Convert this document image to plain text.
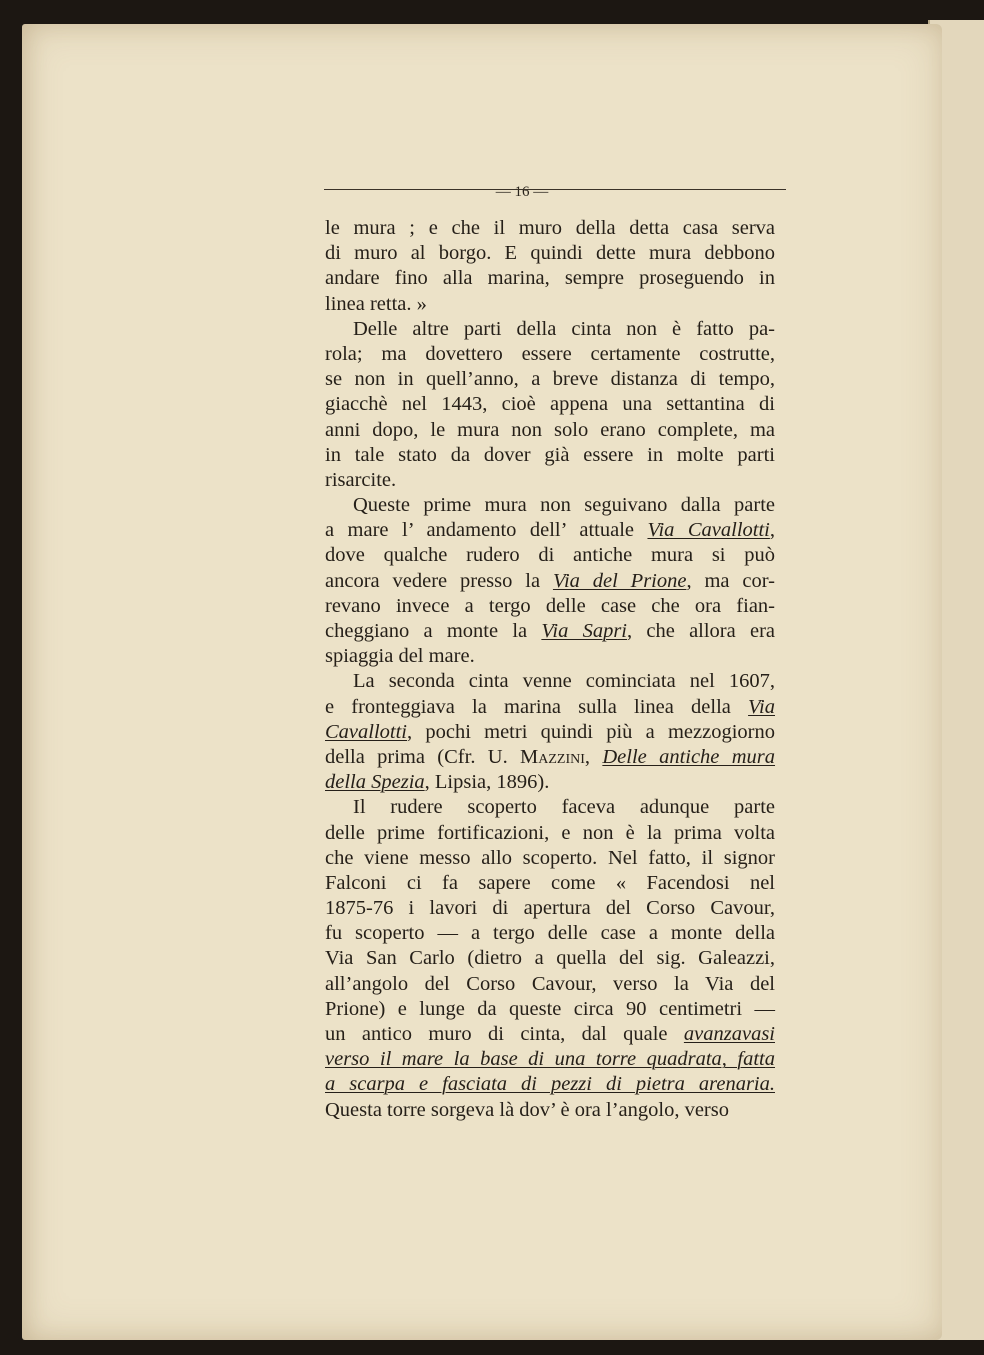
— 16 —
le mura ; e che il muro della detta casa serva
di muro al borgo. E quindi dette mura debbono
andare fino alla marina, sempre proseguendo in
linea retta. »
Delle altre parti della cinta non è fatto pa-
rola; ma dovettero essere certamente costrutte,
se non in quell’anno, a breve distanza di tempo,
giacchè nel 1443, cioè appena una settantina di
anni dopo, le mura non solo erano complete, ma
in tale stato da dover già essere in molte parti
risarcite.
Queste prime mura non seguivano dalla parte
a mare l’ andamento dell’ attuale Via Cavallotti,
dove qualche rudero di antiche mura si può
ancora vedere presso la Via del Prione, ma cor-
revano invece a tergo delle case che ora fian-
cheggiano a monte la Via Sapri, che allora era
spiaggia del mare.
La seconda cinta venne cominciata nel 1607,
e fronteggiava la marina sulla linea della Via
Cavallotti, pochi metri quindi più a mezzogiorno
della prima (Cfr. U. Mazzini, Delle antiche mura
della Spezia, Lipsia, 1896).
Il rudere scoperto faceva adunque parte
delle prime fortificazioni, e non è la prima volta
che viene messo allo scoperto. Nel fatto, il signor
Falconi ci fa sapere come « Facendosi nel
1875-76 i lavori di apertura del Corso Cavour,
fu scoperto — a tergo delle case a monte della
Via San Carlo (dietro a quella del sig. Galeazzi,
all’angolo del Corso Cavour, verso la Via del
Prione) e lunge da queste circa 90 centimetri —
un antico muro di cinta, dal quale avanzavasi
verso il mare la base di una torre quadrata, fatta
a scarpa e fasciata di pezzi di pietra arenaria.
Questa torre sorgeva là dov’ è ora l’angolo, verso
